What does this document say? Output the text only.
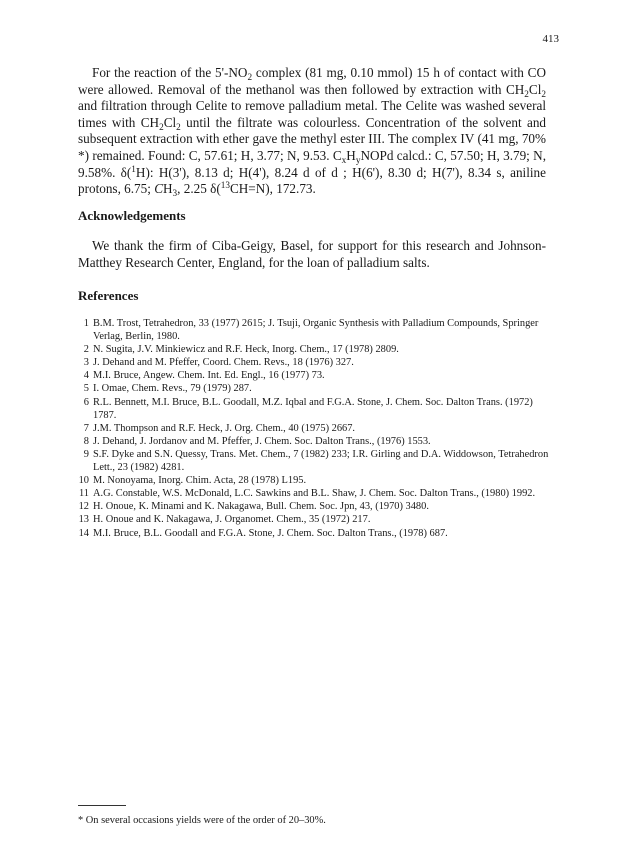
413

For the reaction of the $5'-NO_2$ complex (81 mg, 0.10 mmol) 15 h of contact with CO were allowed. Removal of the methanol was then followed by extraction with $CH_2Cl_2$ and filtration through Celite to remove palladium metal. The Celite was washed several times with $CH_2Cl_2$ until the filtrate was colourless. Concentration of the solvent and subsequent extraction with ether gave the methyl ester III. The complex IV (41 mg, 70% *) remained. Found: C, 57.61; H, 3.77; N, 9.53. $C_xH_yNOPd$ calcd.: C, 57.50; H, 3.79; N, 9.58%. δ($^1$H): H(3'), 8.13 d; H(4'), 8.24 d of d ; H(6'), 8.30 d; H(7'), 8.34 s, aniline protons, 6.75; $CH_3$, 2.25 δ($^{13}$CH=N), 172.73.

Acknowledgements

We thank the firm of Ciba-Geigy, Basel, for support for this research and Johnson-Matthey Research Center, England, for the loan of palladium salts.

References
1 B.M. Trost, Tetrahedron, 33 (1977) 2615; J. Tsuji, Organic Synthesis with Palladium Compounds, Springer Verlag, Berlin, 1980.
2 N. Sugita, J.V. Minkiewicz and R.F. Heck, Inorg. Chem., 17 (1978) 2809.
3 J. Dehand and M. Pfeffer, Coord. Chem. Revs., 18 (1976) 327.
4 M.I. Bruce, Angew. Chem. Int. Ed. Engl., 16 (1977) 73.
5 I. Omae, Chem. Revs., 79 (1979) 287.
6 R.L. Bennett, M.I. Bruce, B.L. Goodall, M.Z. Iqbal and F.G.A. Stone, J. Chem. Soc. Dalton Trans. (1972) 1787.
7 J.M. Thompson and R.F. Heck, J. Org. Chem., 40 (1975) 2667.
8 J. Dehand, J. Jordanov and M. Pfeffer, J. Chem. Soc. Dalton Trans., (1976) 1553.
9 S.F. Dyke and S.N. Quessy, Trans. Met. Chem., 7 (1982) 233; I.R. Girling and D.A. Widdowson, Tetrahedron Lett., 23 (1982) 4281.
10 M. Nonoyama, Inorg. Chim. Acta, 28 (1978) L195.
11 A.G. Constable, W.S. McDonald, L.C. Sawkins and B.L. Shaw, J. Chem. Soc. Dalton Trans., (1980) 1992.
12 H. Onoue, K. Minami and K. Nakagawa, Bull. Chem. Soc. Jpn, 43, (1970) 3480.
13 H. Onoue and K. Nakagawa, J. Organomet. Chem., 35 (1972) 217.
14 M.I. Bruce, B.L. Goodall and F.G.A. Stone, J. Chem. Soc. Dalton Trans., (1978) 687.

* On several occasions yields were of the order of 20–30%.
